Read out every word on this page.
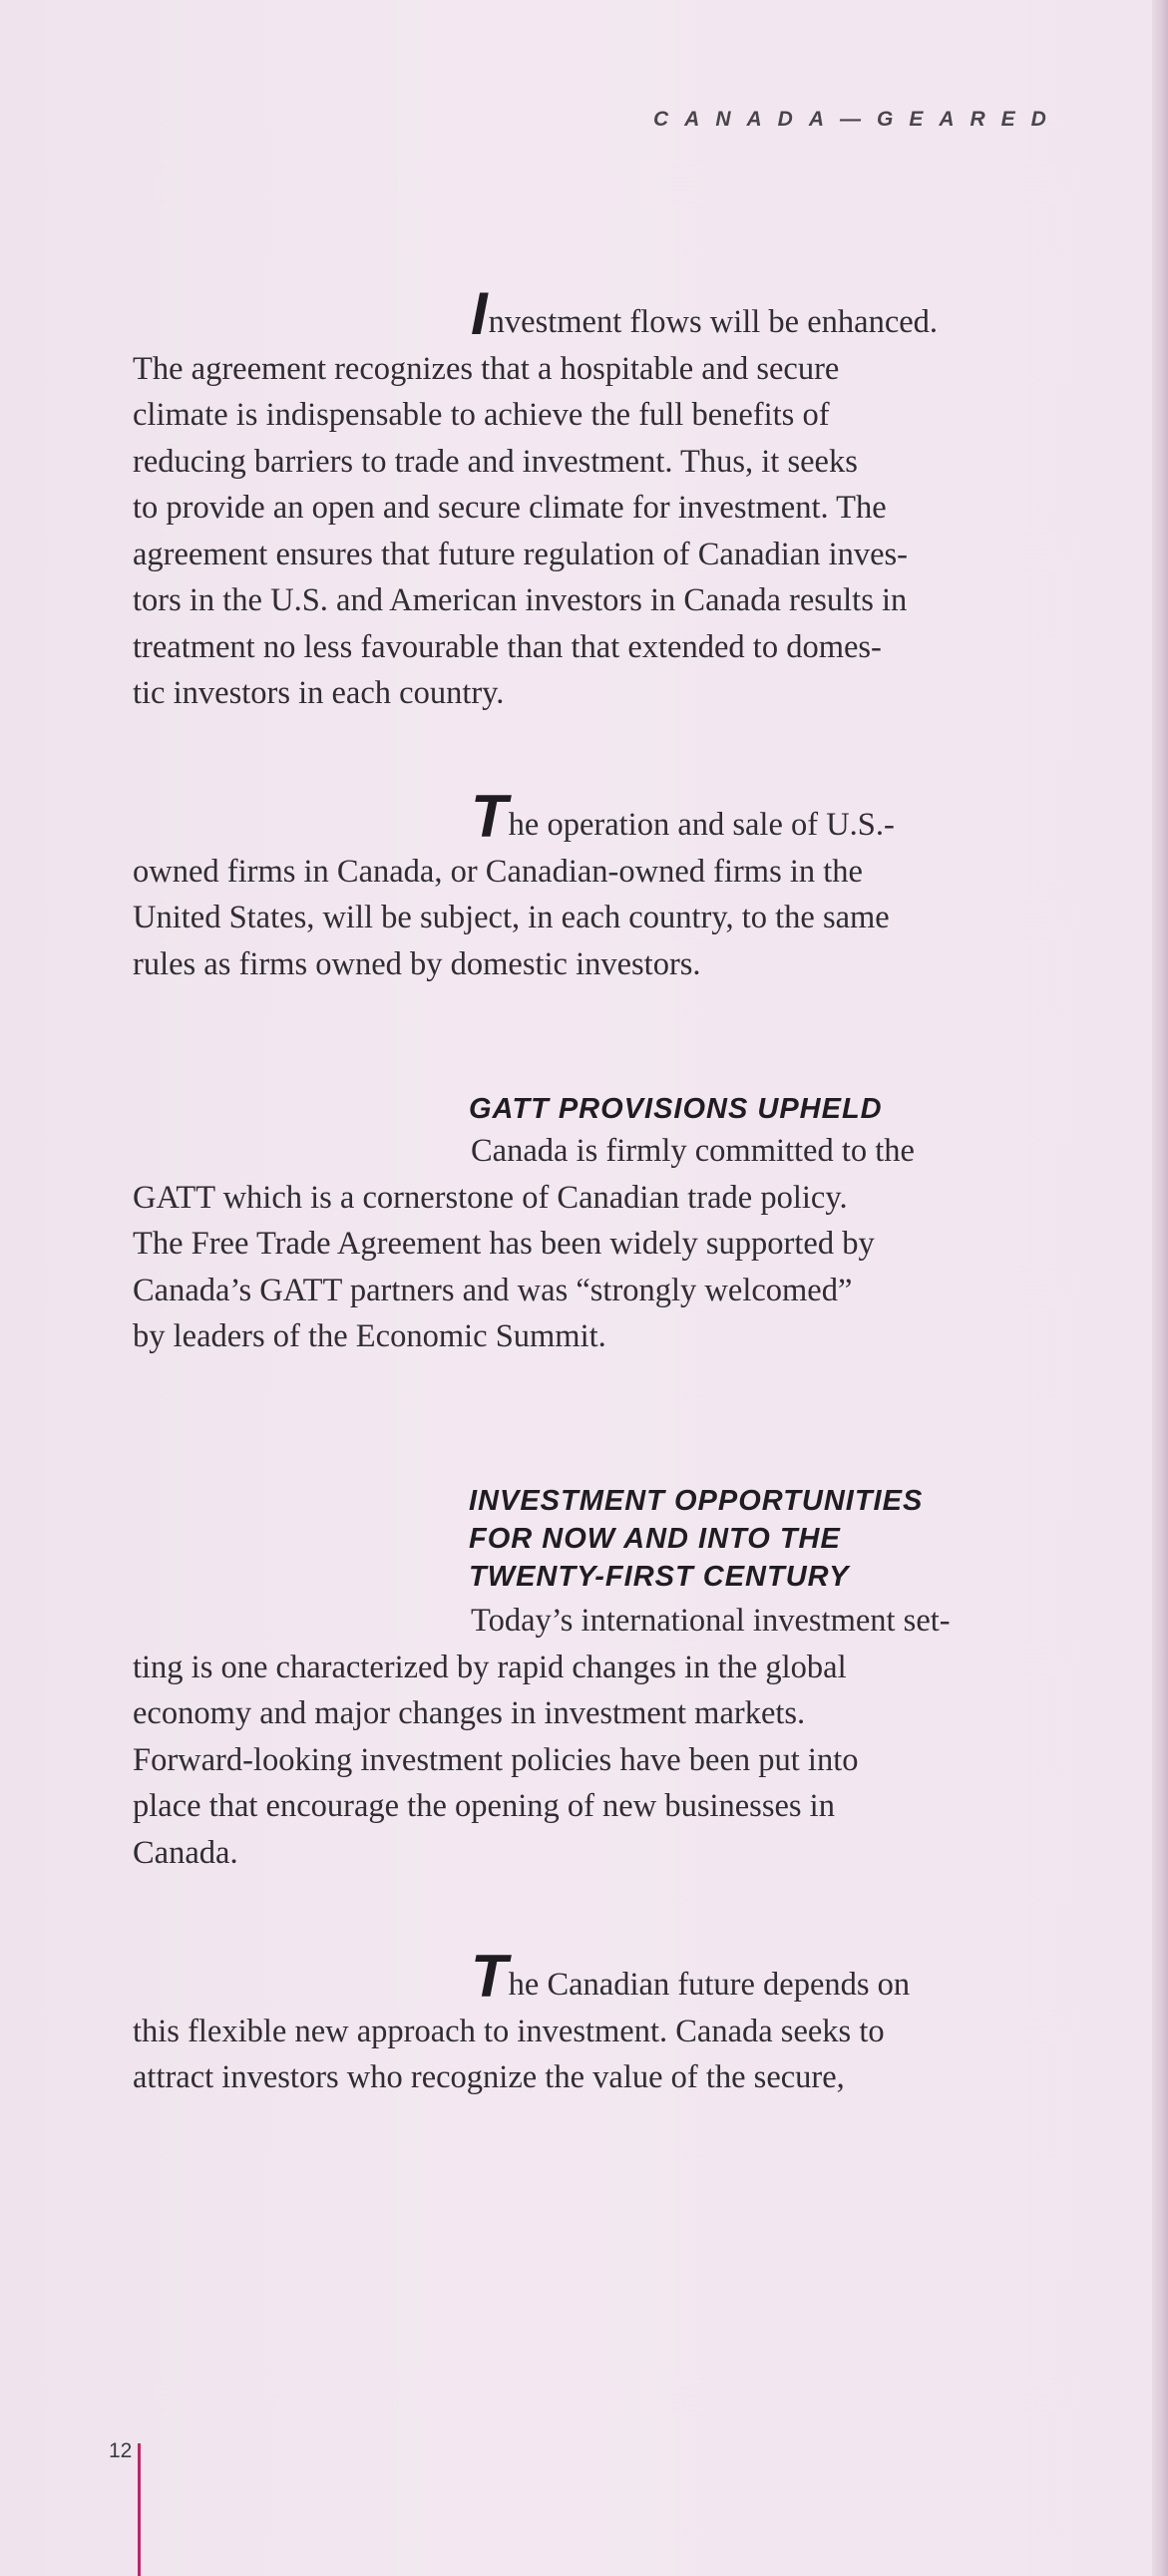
CANADA—GEARED

Investment flows will be enhanced.
The agreement recognizes that a hospitable and secure
climate is indispensable to achieve the full benefits of
reducing barriers to trade and investment. Thus, it seeks
to provide an open and secure climate for investment. The
agreement ensures that future regulation of Canadian inves-
tors in the U.S. and American investors in Canada results in
treatment no less favourable than that extended to domes-
tic investors in each country.

The operation and sale of U.S.-
owned firms in Canada, or Canadian-owned firms in the
United States, will be subject, in each country, to the same
rules as firms owned by domestic investors.

GATT PROVISIONS UPHELD

Canada is firmly committed to the
GATT which is a cornerstone of Canadian trade policy.
The Free Trade Agreement has been widely supported by
Canada’s GATT partners and was “strongly welcomed”
by leaders of the Economic Summit.

INVESTMENT OPPORTUNITIES
FOR NOW AND INTO THE
TWENTY-FIRST CENTURY

Today’s international investment set-
ting is one characterized by rapid changes in the global
economy and major changes in investment markets.
Forward-looking investment policies have been put into
place that encourage the opening of new businesses in
Canada.

The Canadian future depends on
this flexible new approach to investment. Canada seeks to
attract investors who recognize the value of the secure,

12
